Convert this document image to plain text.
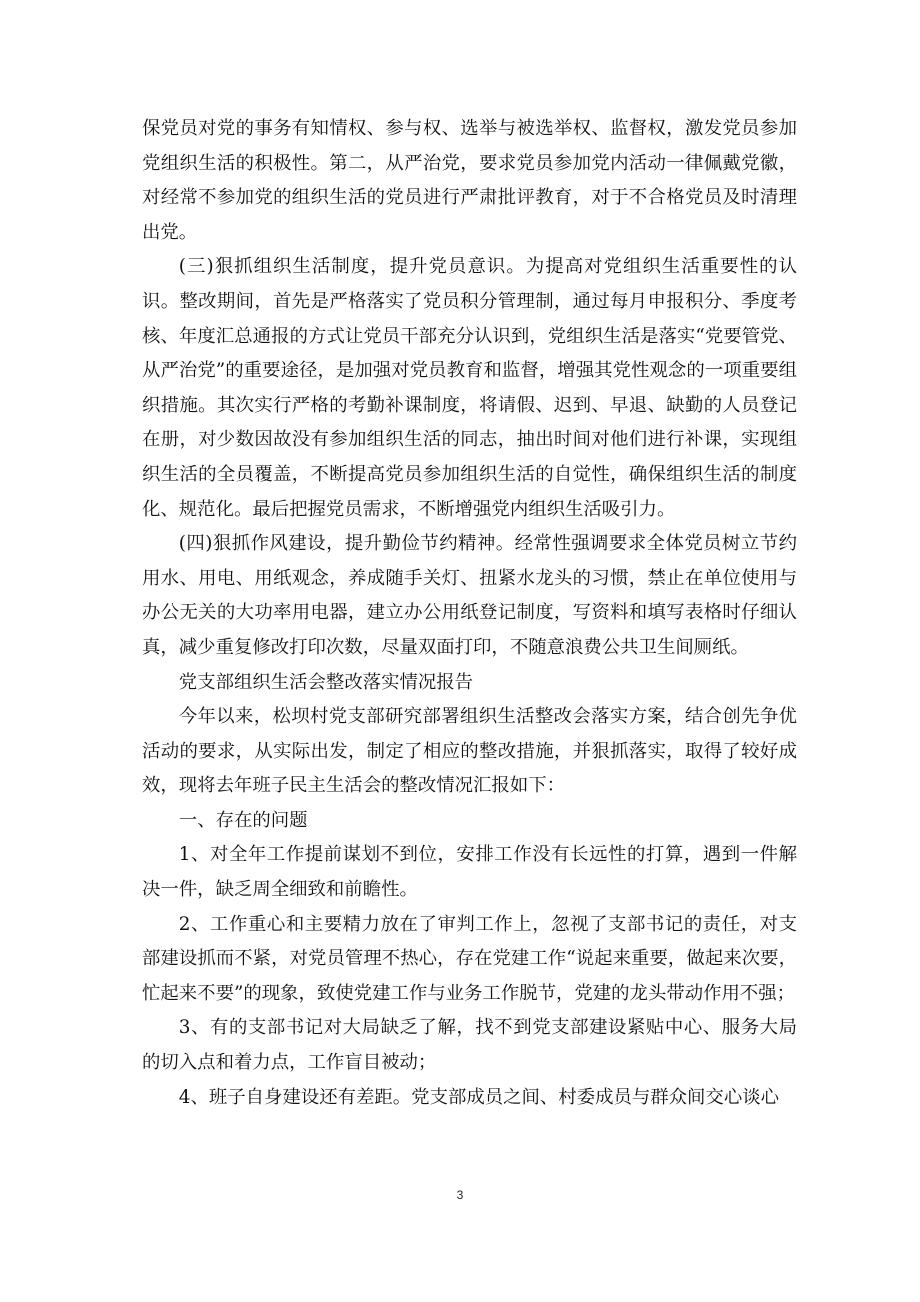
保党员对党的事务有知情权、参与权、选举与被选举权、监督权，激发党员参加党组织生活的积极性。第二，从严治党，要求党员参加党内活动一律佩戴党徽，对经常不参加党的组织生活的党员进行严肃批评教育，对于不合格党员及时清理出党。

(三)狠抓组织生活制度，提升党员意识。为提高对党组织生活重要性的认识。整改期间，首先是严格落实了党员积分管理制，通过每月申报积分、季度考核、年度汇总通报的方式让党员干部充分认识到，党组织生活是落实“党要管党、从严治党”的重要途径，是加强对党员教育和监督，增强其党性观念的一项重要组织措施。其次实行严格的考勤补课制度，将请假、迟到、早退、缺勤的人员登记在册，对少数因故没有参加组织生活的同志，抽出时间对他们进行补课，实现组织生活的全员覆盖，不断提高党员参加组织生活的自觉性，确保组织生活的制度化、规范化。最后把握党员需求，不断增强党内组织生活吸引力。

(四)狠抓作风建设，提升勤俭节约精神。经常性强调要求全体党员树立节约用水、用电、用纸观念，养成随手关灯、扭紧水龙头的习惯，禁止在单位使用与办公无关的大功率用电器，建立办公用纸登记制度，写资料和填写表格时仔细认真，减少重复修改打印次数，尽量双面打印，不随意浪费公共卫生间厕纸。

党支部组织生活会整改落实情况报告

今年以来，松坝村党支部研究部署组织生活整改会落实方案，结合创先争优活动的要求，从实际出发，制定了相应的整改措施，并狠抓落实，取得了较好成效，现将去年班子民主生活会的整改情况汇报如下：

一、存在的问题

1、对全年工作提前谋划不到位，安排工作没有长远性的打算，遇到一件解决一件，缺乏周全细致和前瞻性。

2、工作重心和主要精力放在了审判工作上，忽视了支部书记的责任，对支部建设抓而不紧，对党员管理不热心，存在党建工作“说起来重要，做起来次要，忙起来不要”的现象，致使党建工作与业务工作脱节，党建的龙头带动作用不强；

3、有的支部书记对大局缺乏了解，找不到党支部建设紧贴中心、服务大局的切入点和着力点，工作盲目被动；

4、班子自身建设还有差距。党支部成员之间、村委成员与群众间交心谈心

3
